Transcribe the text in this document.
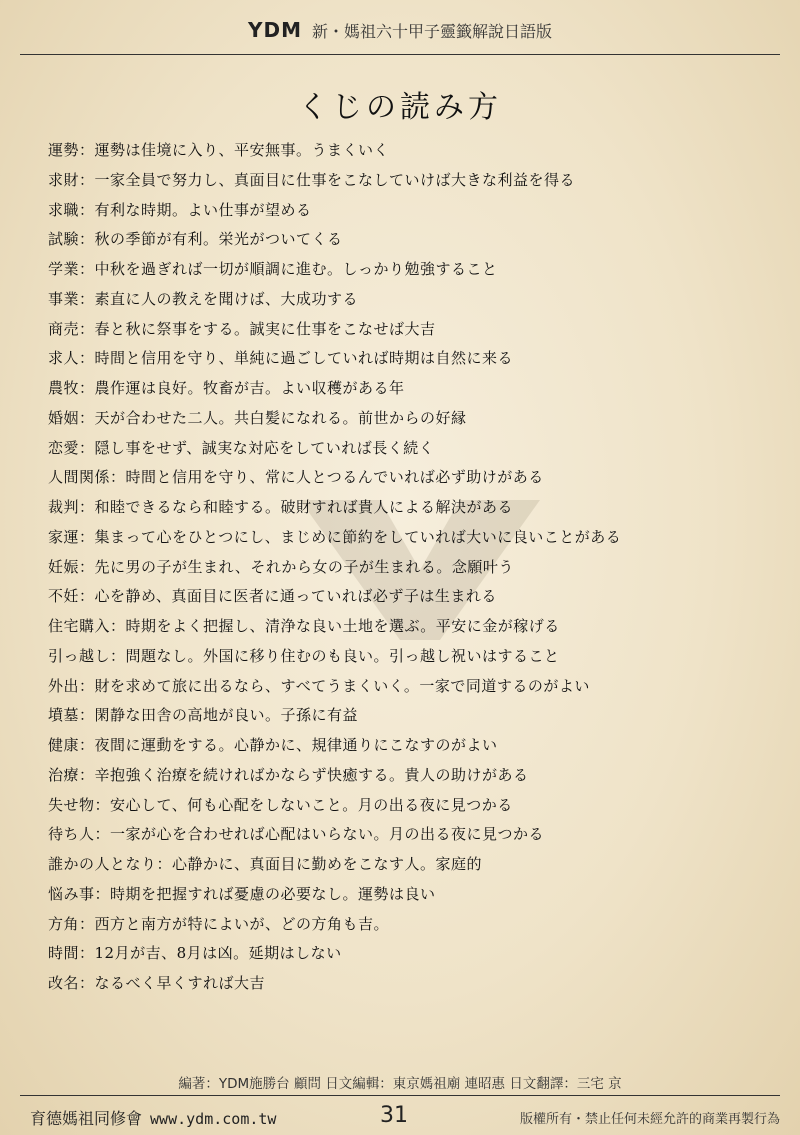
YDM 新・媽祖六十甲子靈籤解說日語版
くじの読み方
運勢：運勢は佳境に入り、平安無事。うまくいく
求財：一家全員で努力し、真面目に仕事をこなしていけば大きな利益を得る
求職：有利な時期。よい仕事が望める
試験：秋の季節が有利。栄光がついてくる
学業：中秋を過ぎれば一切が順調に進む。しっかり勉強すること
事業：素直に人の教えを聞けば、大成功する
商売：春と秋に祭事をする。誠実に仕事をこなせば大吉
求人：時間と信用を守り、単純に過ごしていれば時期は自然に来る
農牧：農作運は良好。牧畜が吉。よい収穫がある年
婚姻：天が合わせた二人。共白髪になれる。前世からの好縁
恋愛：隠し事をせず、誠実な対応をしていれば長く続く
人間関係：時間と信用を守り、常に人とつるんでいれば必ず助けがある
裁判：和睦できるなら和睦する。破財すれば貴人による解決がある
家運：集まって心をひとつにし、まじめに節約をしていれば大いに良いことがある
妊娠：先に男の子が生まれ、それから女の子が生まれる。念願叶う
不妊：心を静め、真面目に医者に通っていれば必ず子は生まれる
住宅購入：時期をよく把握し、清浄な良い土地を選ぶ。平安に金が稼げる
引っ越し：問題なし。外国に移り住むのも良い。引っ越し祝いはすること
外出：財を求めて旅に出るなら、すべてうまくいく。一家で同道するのがよい
墳墓：閑静な田舎の高地が良い。子孫に有益
健康：夜間に運動をする。心静かに、規律通りにこなすのがよい
治療：辛抱強く治療を続ければかならず快癒する。貴人の助けがある
失せ物：安心して、何も心配をしないこと。月の出る夜に見つかる
待ち人：一家が心を合わせれば心配はいらない。月の出る夜に見つかる
誰かの人となり：心静かに、真面目に勤めをこなす人。家庭的
悩み事：時期を把握すれば憂慮の必要なし。運勢は良い
方角：西方と南方が特によいが、どの方角も吉。
時間：12月が吉、8月は凶。延期はしない
改名：なるべく早くすれば大吉
編著：YDM施勝台 顧問 日文編輯：東京媽祖廟 連昭惠 日文翻譯：三宅 京
育德媽祖同修會 www.ydm.com.tw	31	版權所有・禁止任何未經允許的商業再製行為
